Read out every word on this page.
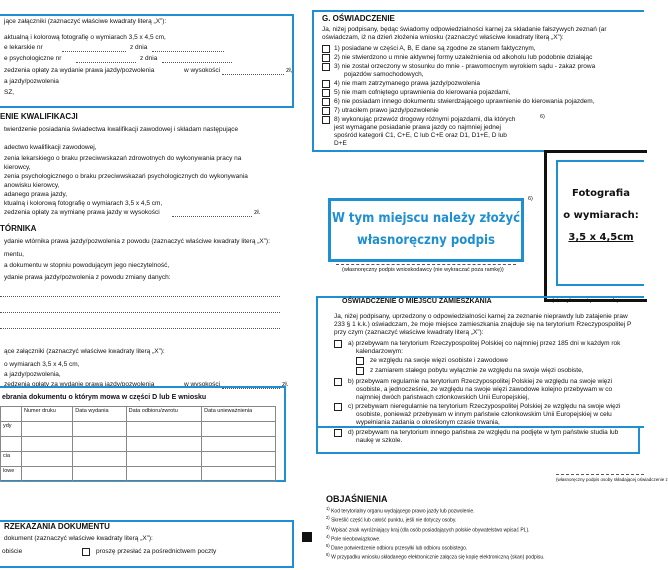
jące załączniki (zaznaczyć właściwe kwadraty literą „X”):
aktualną i kolorową fotografię o wymiarach 3,5 x 4,5 cm,
e lekarskie nr	z dnia
e psychologiczne nr	z dnia
zedzenia opłaty za wydanie prawa jazdy/pozwolenia	w wysokości	zł,
a jazdy/pozwolenia
SZ,
ENIE KWALIFIKACJI
twierdzenie posiadania świadectwa kwalifikacji zawodowej i składam następujące
adectwo kwalifikacji zawodowej,
zenia lekarskiego o braku przeciwwskazań zdrowotnych do wykonywania pracy na
kierowcy,
zenia psychologicznego o braku przeciwwskazań psychologicznych do wykonywania
anowisku kierowcy,
adanego prawa jazdy,
ktualną i kolorową fotografię o wymiarach 3,5 x 4,5 cm,
zedzenia opłaty za wymianę prawa jazdy w wysokości	zł.
TÓRNIKA
ydanie wtórnika prawa jazdy/pozwolenia z powodu (zaznaczyć właściwe kwadraty literą „X”):
mentu,
a dokumentu w stopniu powodującym jego nieczytelność,
ydanie prawa jazdy/pozwolenia z powodu zmiany danych:
ące załączniki (zaznaczyć właściwe kwadraty literą „X”):
o wymiarach 3,5 x 4,5 cm,
a jazdy/pozwolenia,
zedzenia opłaty za wydanie prawa jazdy/pozwolenia	w wysokości	zł.
ebrania dokumentu o którym mowa w części D lub E wniosku
	Numer druku	Data wydania	Data odbioru/zwrotu	Data unieważnienia
ydy				

cia				
lowe				
RZEKAZANIA DOKUMENTU
dokument (zaznaczyć właściwe kwadraty literą „X”):
obiście	proszę przesłać za pośrednictwem poczty
G. OŚWIADCZENIE
Ja, niżej podpisany, będąc świadomy odpowiedzialności karnej za składanie fałszywych zeznań (ar
oświadczam, iż na dzień złożenia wniosku (zaznaczyć właściwe kwadraty literą „X”):
1) posiadane w części A, B, E dane są zgodne ze stanem faktycznym,
2) nie stwierdzono u mnie aktywnej formy uzależnienia od alkoholu lub podobnie działając
3) nie został orzeczony w stosunku do mnie - prawomocnym wyrokiem sądu - zakaz prowa
pojazdów samochodowych,
4) nie mam zatrzymanego prawa jazdy/pozwolenia
5) nie mam cofniętego uprawnienia do kierowania pojazdami,
6) nie posiadam innego dokumentu stwierdzającego uprawnienie do kierowania pojazdem,
7) utraciłem prawo jazdy/pozwolenie
8) wykonując przewóz drogowy różnymi pojazdami, dla których
jest wymagane posiadanie prawa jazdy co najmniej jednej
spośród kategorii C1, C+E, C lub C+E oraz D1, D1+E, D lub
D+E
6)
W tym miejscu należy złożyć
własnoręczny podpis
6)
(własnoręczny podpis wnioskodawcy (nie wykraczać poza ramkę))
Fotografia
o wymiarach:
3,5 x 4,5cm
(nie wykraczać poza ramkę wew
OŚWIADCZENIE O MIEJSCU ZAMIESZKANIA
Ja, niżej podpisany, uprzedzony o odpowiedzialności karnej za zeznanie nieprawdy lub zatajenie praw
233 § 1 k.k.) oświadczam, że moje miejsce zamieszkania znajduje się na terytorium Rzeczypospolitej P
przy czym (zaznaczyć właściwe kwadraty literą „X”):
a) przebywam na terytorium Rzeczypospolitej Polskiej co najmniej przez 185 dni w każdym rok
kalendarzowym:
ze względu na swoje więzi osobiste i zawodowe
z zamiarem stałego pobytu wyłącznie ze względu na swoje więzi osobiste,
b) przebywam regularnie na terytorium Rzeczypospolitej Polskiej ze względu na swoje więzi
osobiste, a jednocześnie, ze względu na swoje więzi zawodowe kolejno przebywam w co
najmniej dwóch państwach członkowskich Unii Europejskiej,
c) przebywam nieregularnie na terytorium Rzeczypospolitej Polskiej ze względu na swoje więzi
osobiste, ponieważ przebywam w innym państwie członkowskim Unii Europejskiej w celu
wypełniania zadania o określonym czasie trwania,
d) przebywam na terytorium innego państwa ze względu na podjęte w tym państwie studia lub
naukę w szkole.
(własnoręczny podpis osoby składającej oświadczenie z
OBJAŚNIENIA
$^{1)}$ Kod terytorialny organu wydającego prawo jazdy lub pozwolenie.
$^{2)}$ Skreślić część lub całość punktu, jeśli nie dotyczy osoby.
$^{3)}$ Wpisać znak wyróżniający kraj (dla osób posiadających polskie obywatelstwo wpisać PL).
$^{4)}$ Pole nieobowiązkowe.
$^{5)}$ Dane potwierdzenie odbioru przesyłki lub odbioru osobistego.
$^{6)}$ W przypadku wniosku składanego elektronicznie załącza się kopię elektroniczną (skan) podpisu.
